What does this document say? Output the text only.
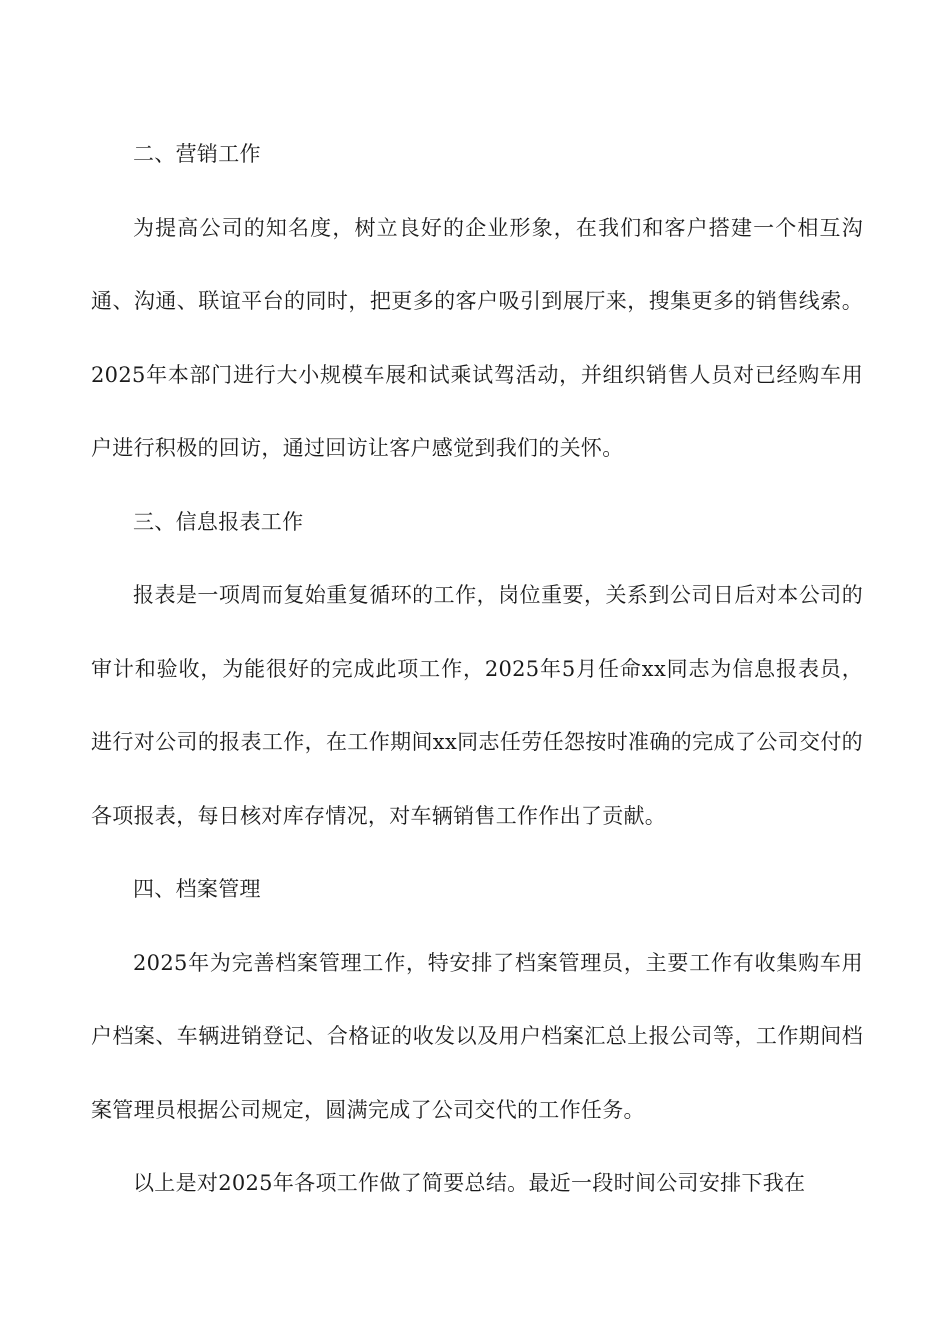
二、营销工作

为提高公司的知名度，树立良好的企业形象，在我们和客户搭建一个相互沟通、沟通、联谊平台的同时，把更多的客户吸引到展厅来，搜集更多的销售线索。2025年本部门进行大小规模车展和试乘试驾活动，并组织销售人员对已经购车用户进行积极的回访，通过回访让客户感觉到我们的关怀。

三、信息报表工作

报表是一项周而复始重复循环的工作，岗位重要，关系到公司日后对本公司的审计和验收，为能很好的完成此项工作，2025年5月任命xx同志为信息报表员，进行对公司的报表工作，在工作期间xx同志任劳任怨按时准确的完成了公司交付的各项报表，每日核对库存情况，对车辆销售工作作出了贡献。

四、档案管理

2025年为完善档案管理工作，特安排了档案管理员，主要工作有收集购车用户档案、车辆进销登记、合格证的收发以及用户档案汇总上报公司等，工作期间档案管理员根据公司规定，圆满完成了公司交代的工作任务。

以上是对2025年各项工作做了简要总结。最近一段时间公司安排下我在
